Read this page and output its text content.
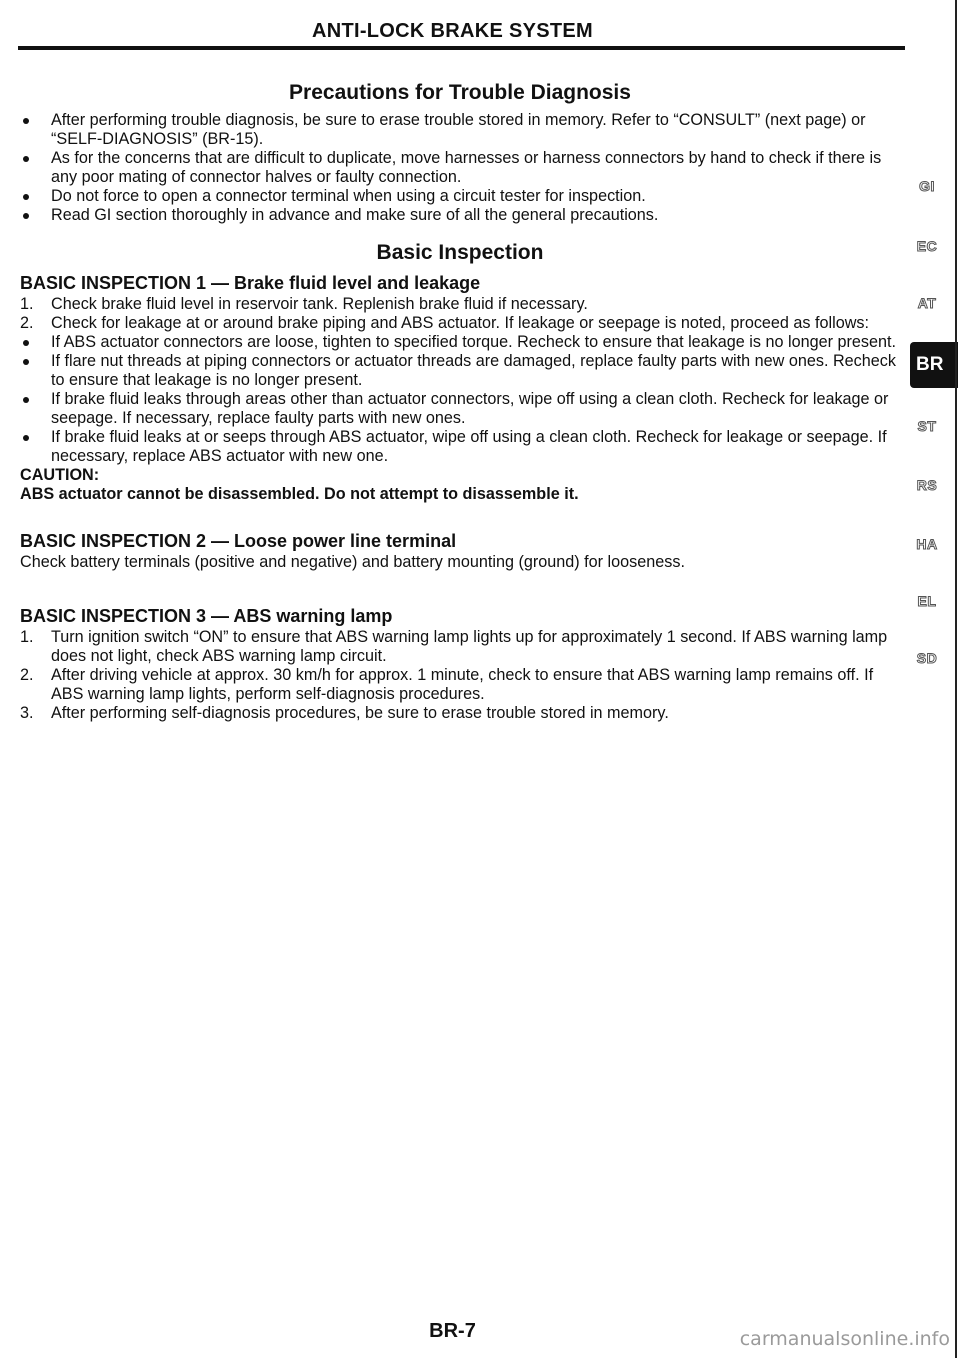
ANTI-LOCK BRAKE SYSTEM
Precautions for Trouble Diagnosis
After performing trouble diagnosis, be sure to erase trouble stored in memory. Refer to “CONSULT” (next page) or “SELF-DIAGNOSIS” (BR-15).
As for the concerns that are difficult to duplicate, move harnesses or harness connectors by hand to check if there is any poor mating of connector halves or faulty connection.
Do not force to open a connector terminal when using a circuit tester for inspection.
Read GI section thoroughly in advance and make sure of all the general precautions.
Basic Inspection
BASIC INSPECTION 1 — Brake fluid level and leakage
1. Check brake fluid level in reservoir tank. Replenish brake fluid if necessary.
2. Check for leakage at or around brake piping and ABS actuator. If leakage or seepage is noted, proceed as follows:
If ABS actuator connectors are loose, tighten to specified torque. Recheck to ensure that leakage is no longer present.
If flare nut threads at piping connectors or actuator threads are damaged, replace faulty parts with new ones. Recheck to ensure that leakage is no longer present.
If brake fluid leaks through areas other than actuator connectors, wipe off using a clean cloth. Recheck for leakage or seepage. If necessary, replace faulty parts with new ones.
If brake fluid leaks at or seeps through ABS actuator, wipe off using a clean cloth. Recheck for leakage or seepage. If necessary, replace ABS actuator with new one.
CAUTION:
ABS actuator cannot be disassembled. Do not attempt to disassemble it.
BASIC INSPECTION 2 — Loose power line terminal
Check battery terminals (positive and negative) and battery mounting (ground) for looseness.
BASIC INSPECTION 3 — ABS warning lamp
1. Turn ignition switch “ON” to ensure that ABS warning lamp lights up for approximately 1 second. If ABS warning lamp does not light, check ABS warning lamp circuit.
2. After driving vehicle at approx. 30 km/h for approx. 1 minute, check to ensure that ABS warning lamp remains off. If ABS warning lamp lights, perform self-diagnosis procedures.
3. After performing self-diagnosis procedures, be sure to erase trouble stored in memory.
GI
EC
AT
BR
ST
RS
HA
EL
SD
BR-7	carmanualsonline.info
